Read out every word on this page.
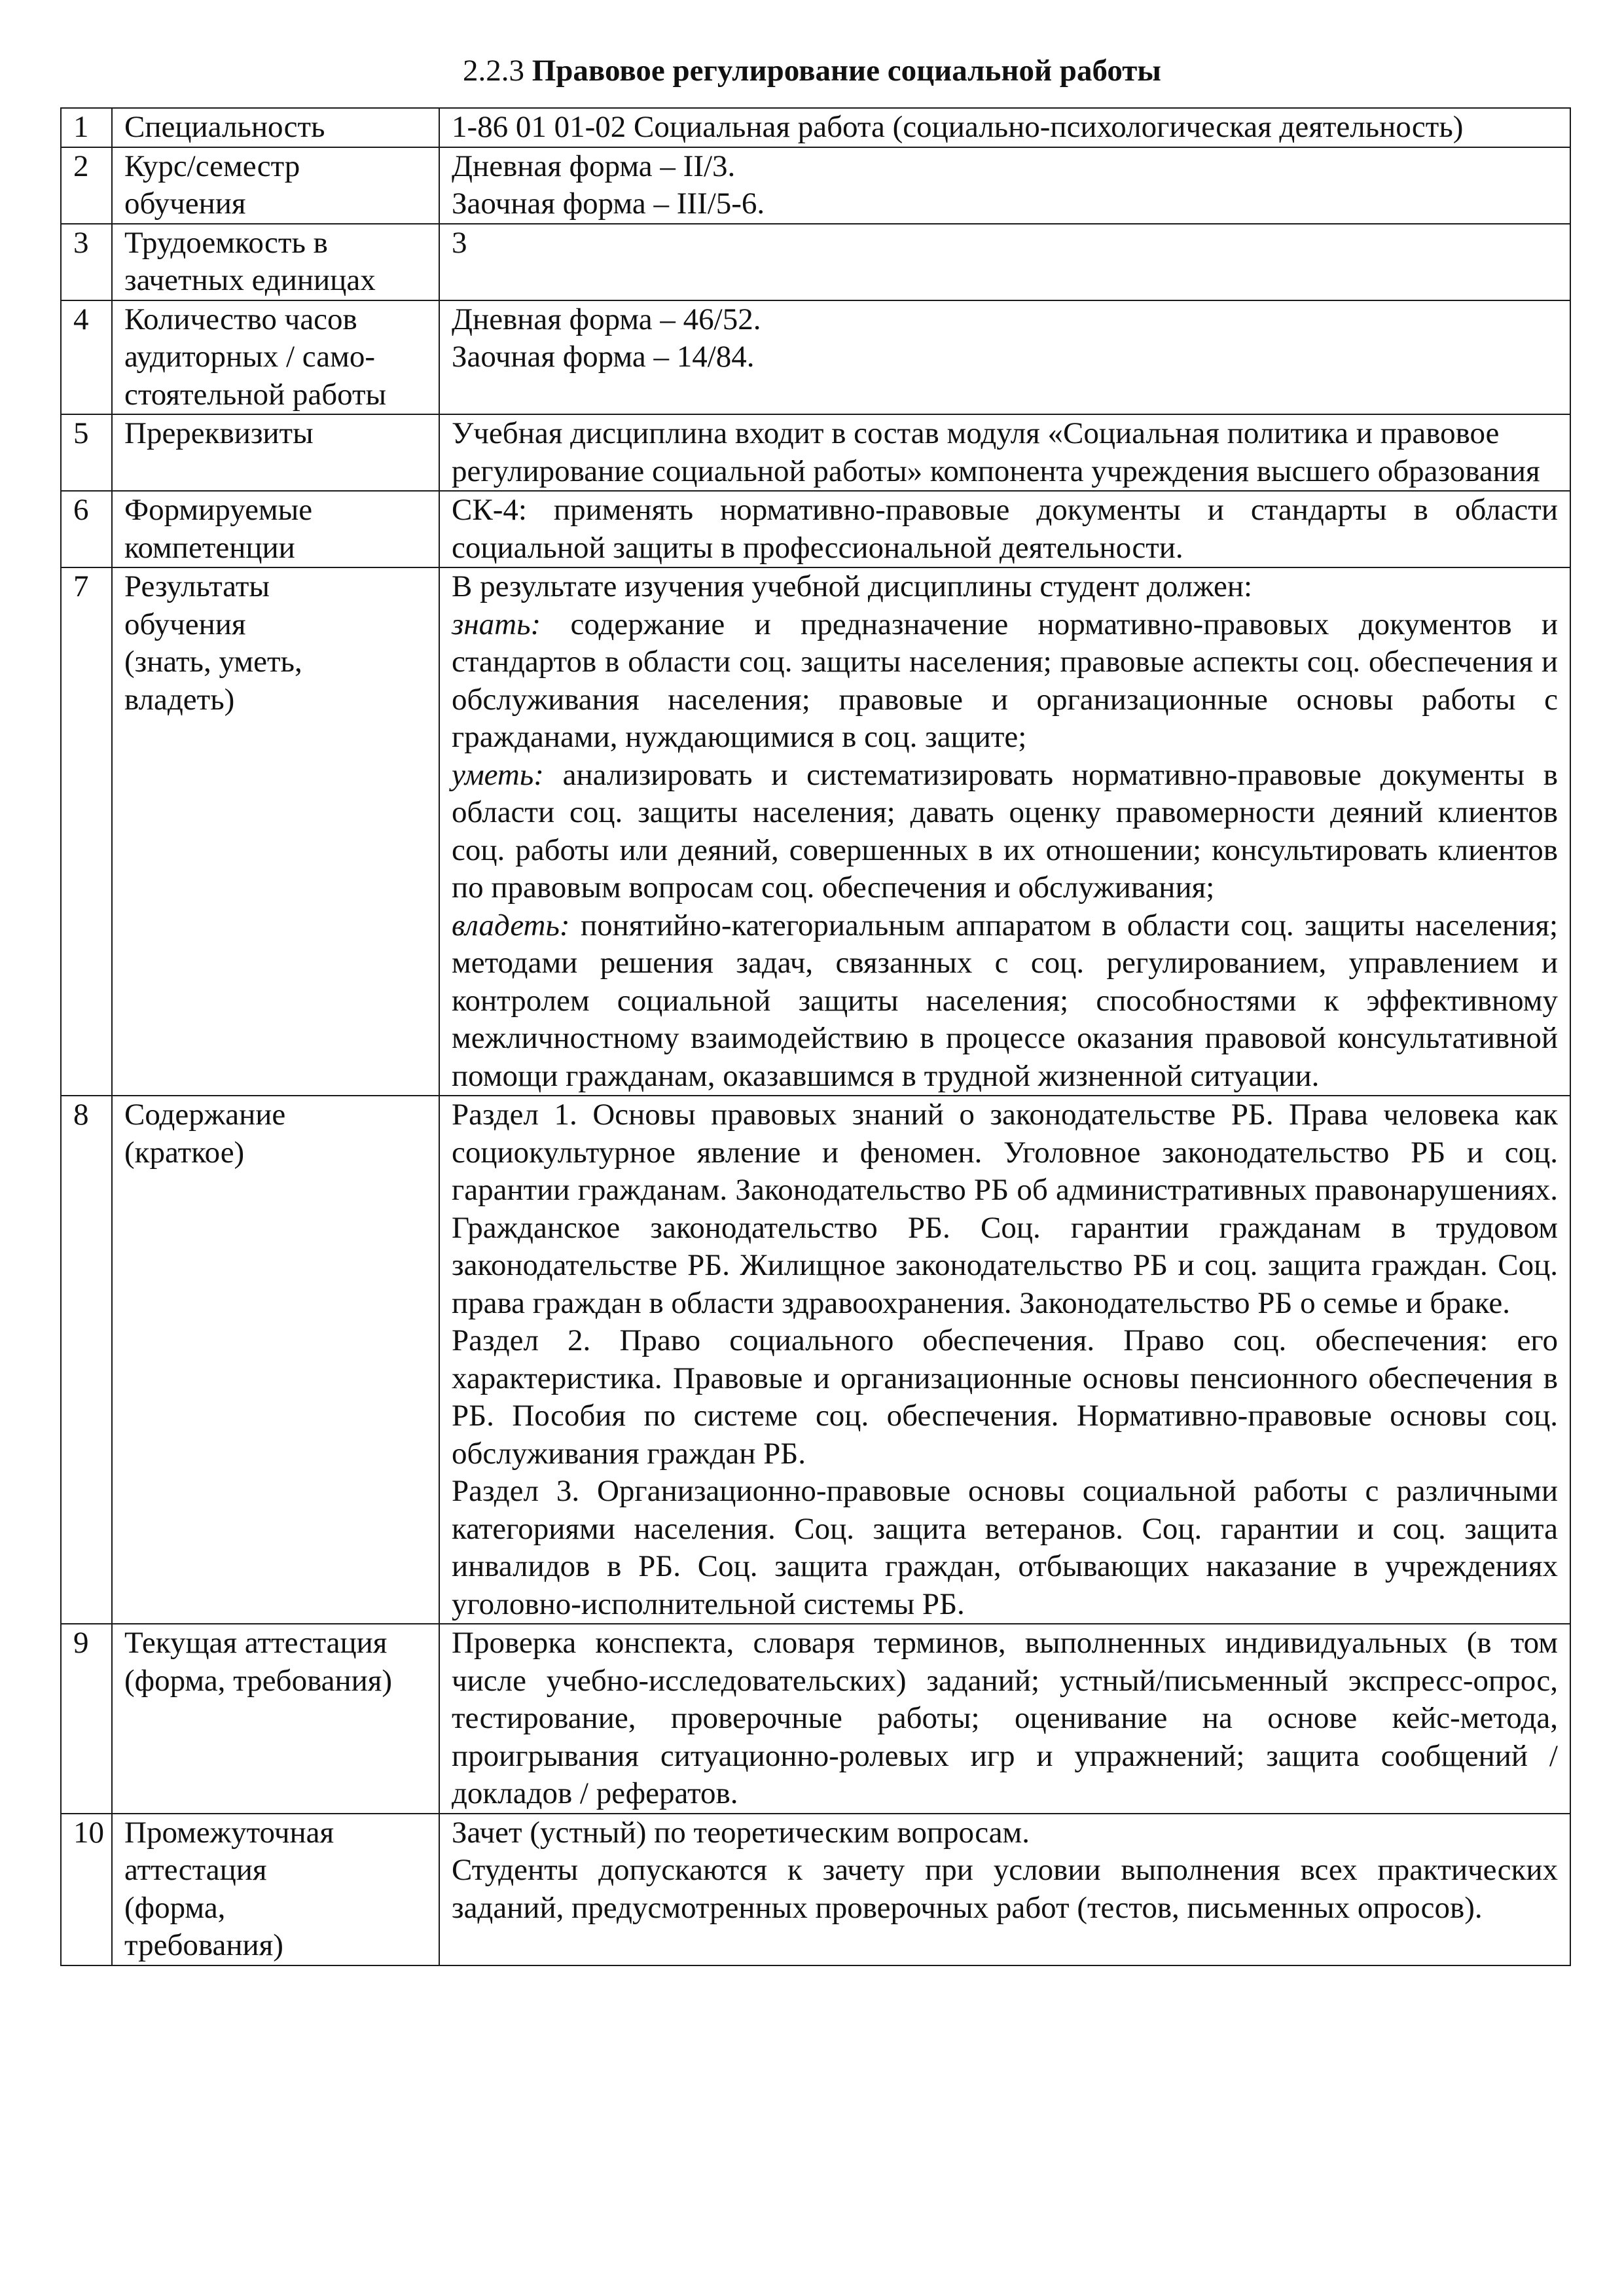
2.2.3 Правовое регулирование социальной работы
1	Специальность	1-86 01 01-02 Социальная работа (социально-психологическая деятельность)

2	Курс/семестр обучения	Дневная форма – II/3.
Заочная форма – III/5-6.

3	Трудоемкость в зачетных единицах	3

4	Количество часов аудиторных / само-стоятельной работы	Дневная форма – 46/52.
Заочная форма – 14/84.

5	Пререквизиты	Учебная дисциплина входит в состав модуля «Социальная политика и правовое регулирование социальной работы» компонента учреждения высшего образования

6	Формируемые компетенции	СК-4: применять нормативно-правовые документы и стандарты в области социальной защиты в профессиональной деятельности.

7	Результаты обучения (знать, уметь, владеть)	В результате изучения учебной дисциплины студент должен:
знать: содержание и предназначение нормативно-правовых документов и стандартов в области соц. защиты населения; правовые аспекты соц. обеспечения и обслуживания населения; правовые и организационные основы работы с гражданами, нуждающимися в соц. защите;
уметь: анализировать и систематизировать нормативно-правовые документы в области соц. защиты населения; давать оценку правомерности деяний клиентов соц. работы или деяний, совершенных в их отношении; консультировать клиентов по правовым вопросам соц. обеспечения и обслуживания;
владеть: понятийно-категориальным аппаратом в области соц. защиты населения; методами решения задач, связанных с соц. регулированием, управлением и контролем социальной защиты населения; способностями к эффективному межличностному взаимодействию в процессе оказания правовой консультативной помощи гражданам, оказавшимся в трудной жизненной ситуации.

8	Содержание (краткое)	Раздел 1. Основы правовых знаний о законодательстве РБ. Права человека как социокультурное явление и феномен. Уголовное законодательство РБ и соц. гарантии гражданам. Законодательство РБ об административных правонарушениях. Гражданское законодательство РБ. Соц. гарантии гражданам в трудовом законодательстве РБ. Жилищное законодательство РБ и соц. защита граждан. Соц. права граждан в области здравоохранения. Законодательство РБ о семье и браке.
Раздел 2. Право социального обеспечения. Право соц. обеспечения: его характеристика. Правовые и организационные основы пенсионного обеспечения в РБ. Пособия по системе соц. обеспечения. Нормативно-правовые основы соц. обслуживания граждан РБ.
Раздел 3. Организационно-правовые основы социальной работы с различными категориями населения. Соц. защита ветеранов. Соц. гарантии и соц. защита инвалидов в РБ. Соц. защита граждан, отбывающих наказание в учреждениях уголовно-исполнительной системы РБ.

9	Текущая аттестация (форма, требования)	Проверка конспекта, словаря терминов, выполненных индивидуальных (в том числе учебно-исследовательских) заданий; устный/письменный экспресс-опрос, тестирование, проверочные работы; оценивание на основе кейс-метода, проигрывания ситуационно-ролевых игр и упражнений; защита сообщений / докладов / рефератов.

10	Промежуточная аттестация (форма, требования)	Зачет (устный) по теоретическим вопросам.
Студенты допускаются к зачету при условии выполнения всех практических заданий, предусмотренных проверочных работ (тестов, письменных опросов).
